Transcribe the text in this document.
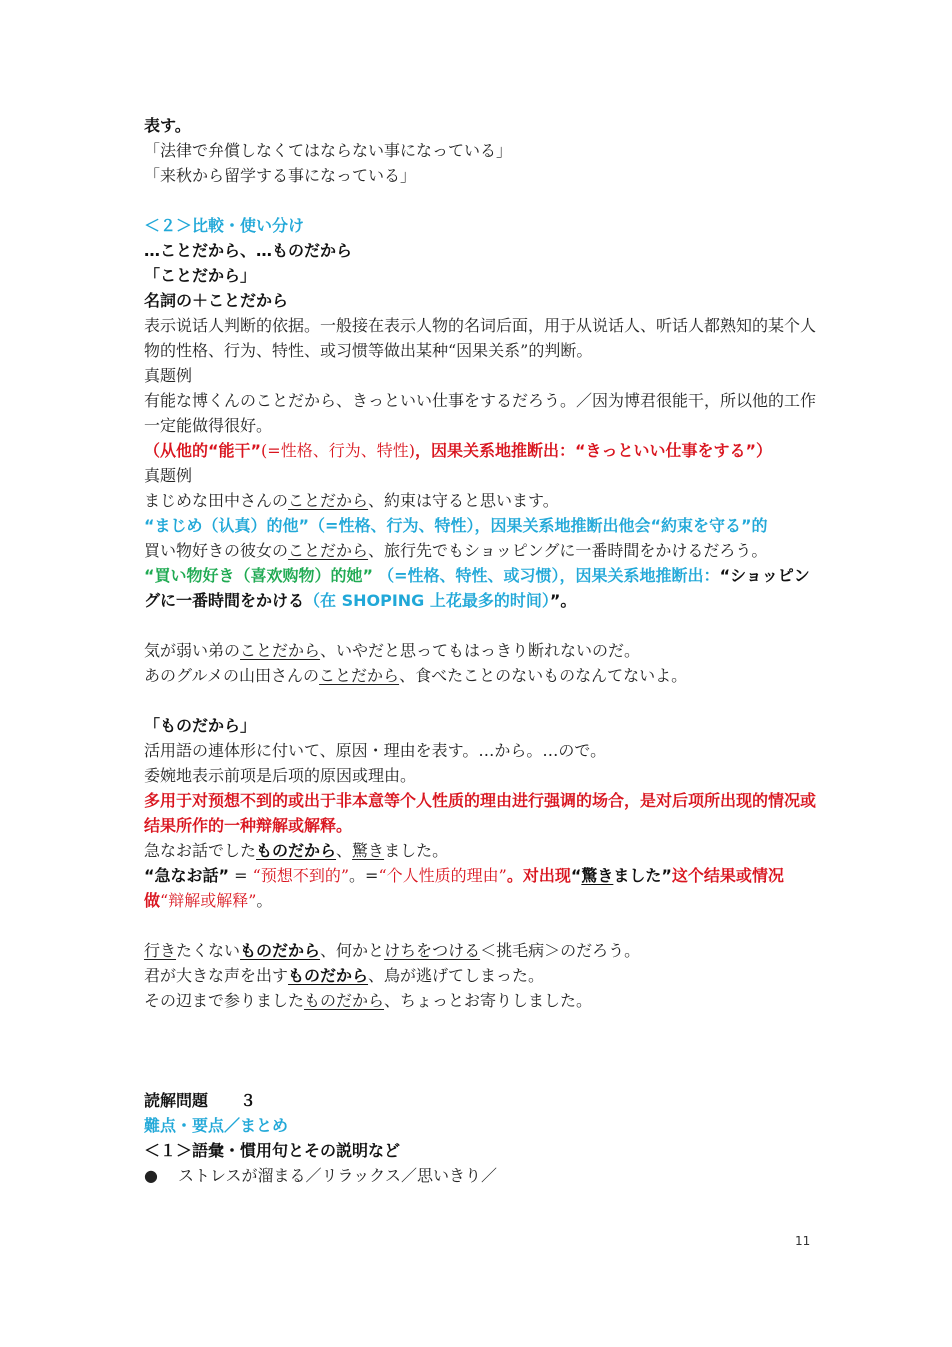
表す。
「法律で弁償しなくてはならない事になっている」
「来秋から留学する事になっている」
＜２＞比較・使い分け
…ことだから、…ものだから
「ことだから」
名詞の＋ことだから
表示说话人判断的依据。一般接在表示人物的名词后面，用于从说话人、听话人都熟知的某个人物的性格、行为、特性、或习惯等做出某种“因果关系”的判断。
真题例
有能な博くんのことだから、きっといい仕事をするだろう。／因为博君很能干，所以他的工作一定能做得很好。
（从他的“能干”(=性格、行为、特性)，因果关系地推断出：“きっといい仕事をする”）
真题例
まじめな田中さんのことだから、約束は守ると思います。
“まじめ（认真）的他”（=性格、行为、特性），因果关系地推断出他会“約束を守る”的
買い物好きの彼女のことだから、旅行先でもショッピングに一番時間をかけるだろう。
“買い物好き（喜欢购物）的她” （=性格、特性、或习惯），因果关系地推断出：“ショッピングに一番時間をかける（在 SHOPING 上花最多的时间）”。
気が弱い弟のことだから、いやだと思ってもはっきり断れないのだ。
あのグルメの山田さんのことだから、食べたことのないものなんてないよ。
「ものだから」
活用語の連体形に付いて、原因・理由を表す。…から。…ので。
委婉地表示前项是后项的原因或理由。
多用于对预想不到的或出于非本意等个人性质的理由进行强调的场合，是对后项所出现的情况或结果所作的一种辩解或解释。
急なお話でしたものだから、驚きました。
“急なお話” = “预想不到的”。=“个人性质的理由”。对出现“驚きました”这个结果或情况做“辩解或解释”。
行きたくないものだから、何かとけちをつける＜挑毛病＞のだろう。
君が大きな声を出すものだから、鳥が逃げてしまった。
その辺まで参りましたものだから、ちょっとお寄りしました。
読解問題　　３
難点・要点／まとめ
＜１＞語彙・慣用句とその説明など
● ストレスが溜まる／リラックス／思いきり／
11
